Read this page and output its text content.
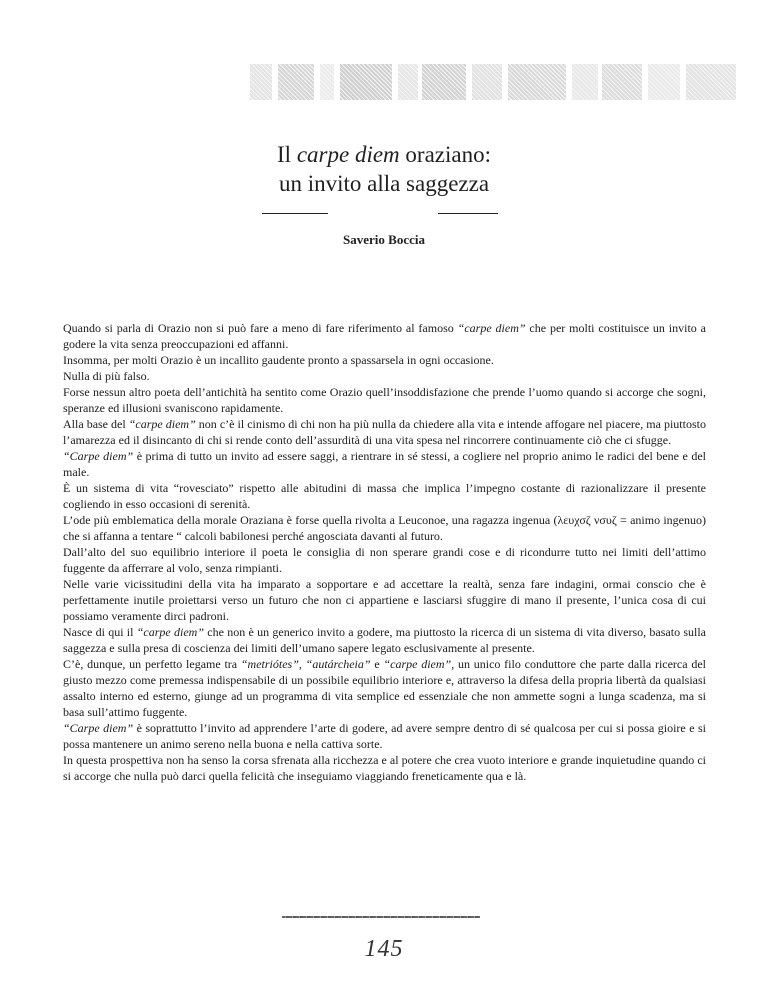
Il carpe diem oraziano:
un invito alla saggezza
Saverio Boccia

Quando si parla di Orazio non si può fare a meno di fare riferimento al famoso “carpe diem” che per molti costituisce un invito a godere la vita senza preoccupazioni ed affanni.

Insomma, per molti Orazio è un incallito gaudente pronto a spassarsela in ogni occasione.

Nulla di più falso.

Forse nessun altro poeta dell’antichità ha sentito come Orazio quell’insoddisfazione che prende l’uomo quando si accorge che sogni, speranze ed illusioni svaniscono rapidamente.

Alla base del “carpe diem” non c’è il cinismo di chi non ha più nulla da chiedere alla vita e intende affogare nel piacere, ma piuttosto l’amarezza ed il disincanto di chi si rende conto dell’assurdità di una vita spesa nel rincorrere continuamente ciò che ci sfugge.

“Carpe diem” è prima di tutto un invito ad essere saggi, a rientrare in sé stessi, a cogliere nel proprio animo le radici del bene e del male.

È un sistema di vita “rovesciato” rispetto alle abitudini di massa che implica l’impegno costante di razionalizzare il presente cogliendo in esso occasioni di serenità.

L’ode più emblematica della morale Oraziana è forse quella rivolta a Leuconoe, una ragazza ingenua (λευχσζ νσυζ = animo ingenuo) che si affanna a tentare “ calcoli babilonesi perché angosciata davanti al futuro.

Dall’alto del suo equilibrio interiore il poeta le consiglia di non sperare grandi cose e di ricondurre tutto nei limiti dell’attimo fuggente da afferrare al volo, senza rimpianti.

Nelle varie vicissitudini della vita ha imparato a sopportare e ad accettare la realtà, senza fare indagini, ormai conscio che è perfettamente inutile proiettarsi verso un futuro che non ci appartiene e lasciarsi sfuggire di mano il presente, l’unica cosa di cui possiamo veramente dirci padroni.

Nasce di qui il “carpe diem” che non è un generico invito a godere, ma piuttosto la ricerca di un sistema di vita diverso, basato sulla saggezza e sulla presa di coscienza dei limiti dell’umano sapere legato esclusivamente al presente.

C’è, dunque, un perfetto legame tra “metriótes”, “autárcheia” e “carpe diem”, un unico filo conduttore che parte dalla ricerca del giusto mezzo come premessa indispensabile di un possibile equilibrio interiore e, attraverso la difesa della propria libertà da qualsiasi assalto interno ed esterno, giunge ad un programma di vita semplice ed essenziale che non ammette sogni a lunga scadenza, ma si basa sull’attimo fuggente.

“Carpe diem” è soprattutto l’invito ad apprendere l’arte di godere, ad avere sempre dentro di sé qualcosa per cui si possa gioire e si possa mantenere un animo sereno nella buona e nella cattiva sorte.

In questa prospettiva non ha senso la corsa sfrenata alla ricchezza e al potere che crea vuoto interiore e grande inquietudine quando ci si accorge che nulla può darci quella felicità che inseguiamo viaggiando freneticamente qua e là.

145
